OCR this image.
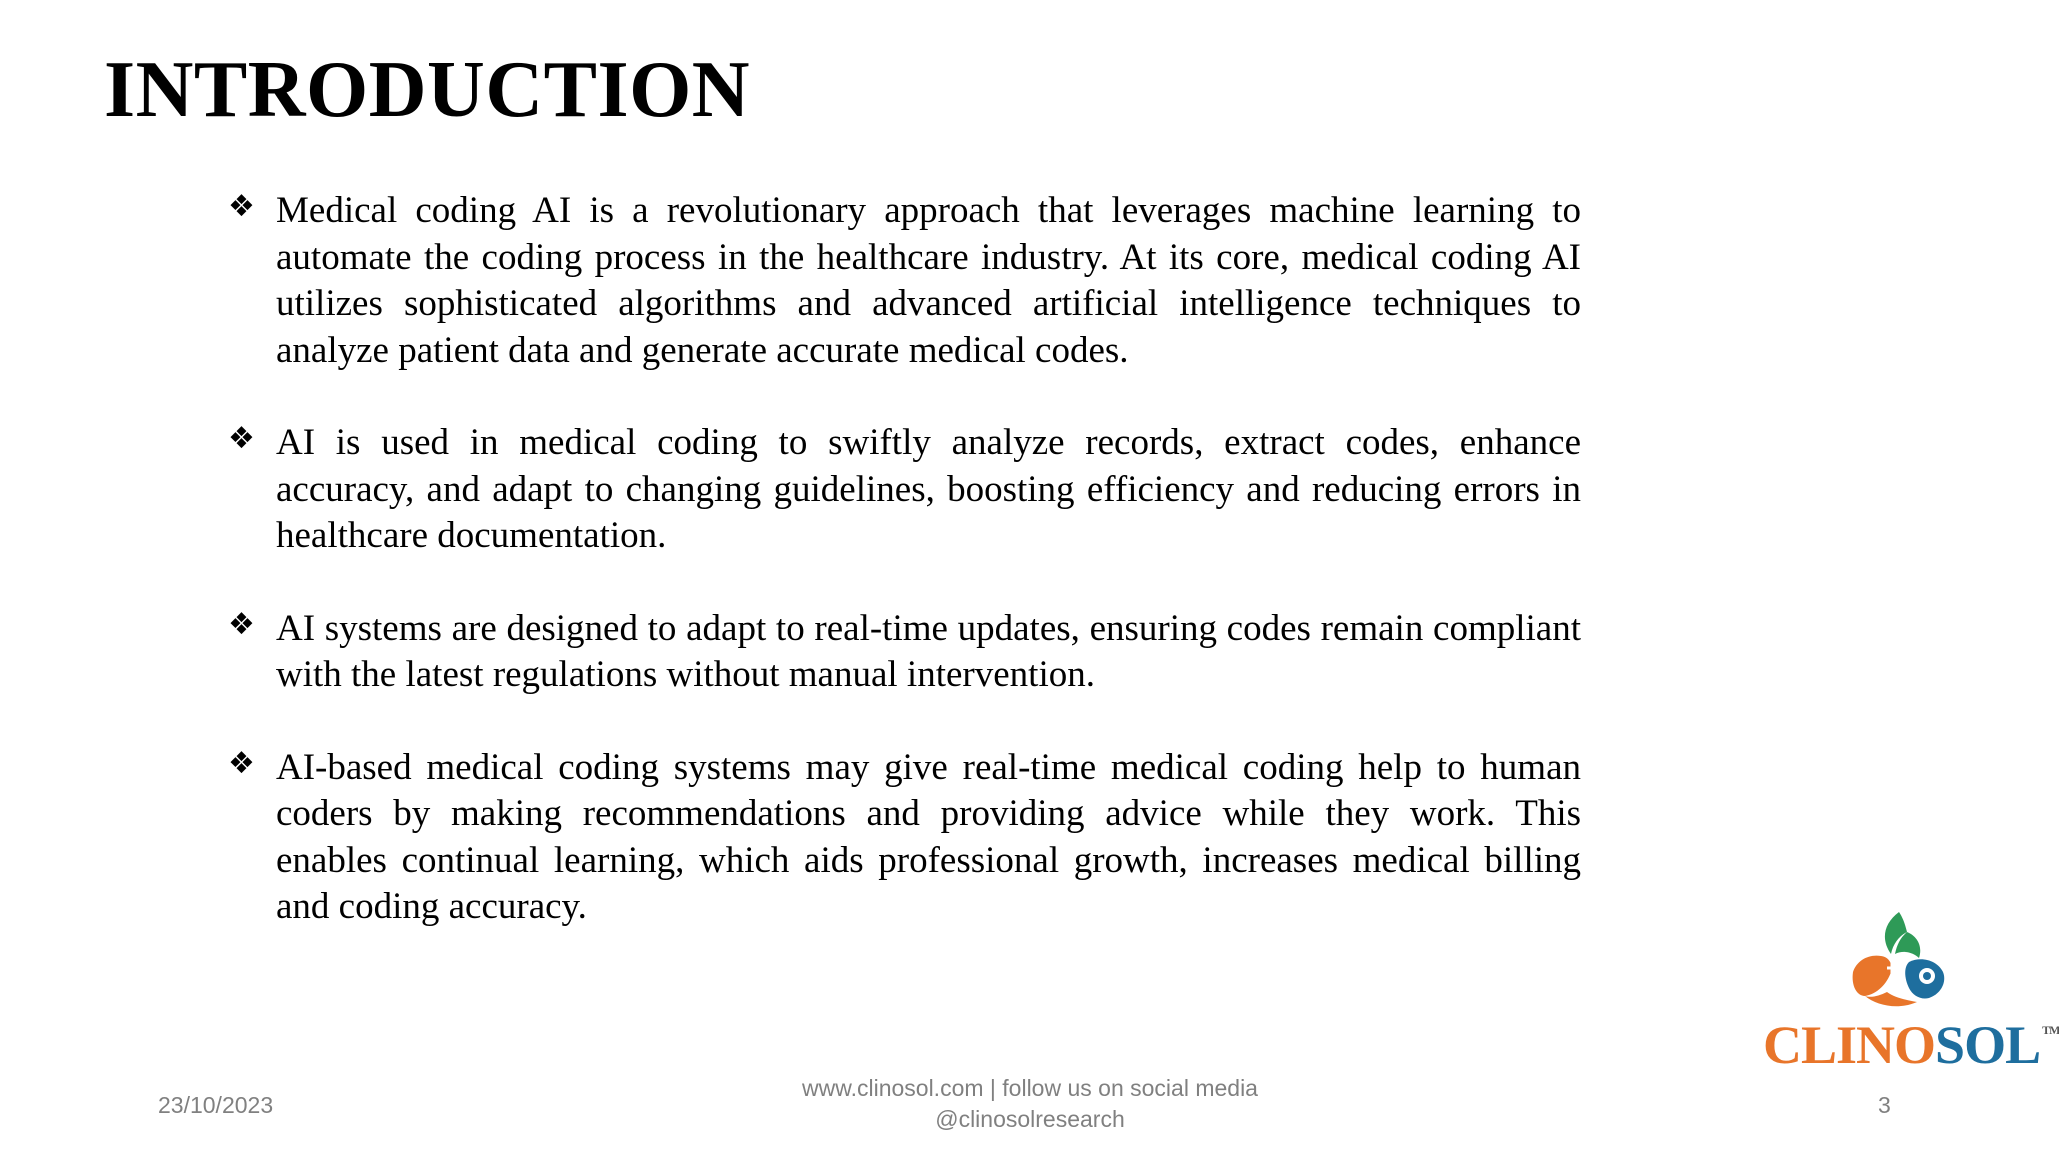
INTRODUCTION
❖ Medical coding AI is a revolutionary approach that leverages machine learning to automate the coding process in the healthcare industry. At its core, medical coding AI utilizes sophisticated algorithms and advanced artificial intelligence techniques to analyze patient data and generate accurate medical codes.
❖ AI is used in medical coding to swiftly analyze records, extract codes, enhance accuracy, and adapt to changing guidelines, boosting efficiency and reducing errors in healthcare documentation.
❖ AI systems are designed to adapt to real-time updates, ensuring codes remain compliant with the latest regulations without manual intervention.
❖ AI-based medical coding systems may give real-time medical coding help to human coders by making recommendations and providing advice while they work. This enables continual learning, which aids professional growth, increases medical billing and coding accuracy.
CLINOSOL ™
23/10/2023
www.clinosol.com | follow us on social media
@clinosolresearch
3
